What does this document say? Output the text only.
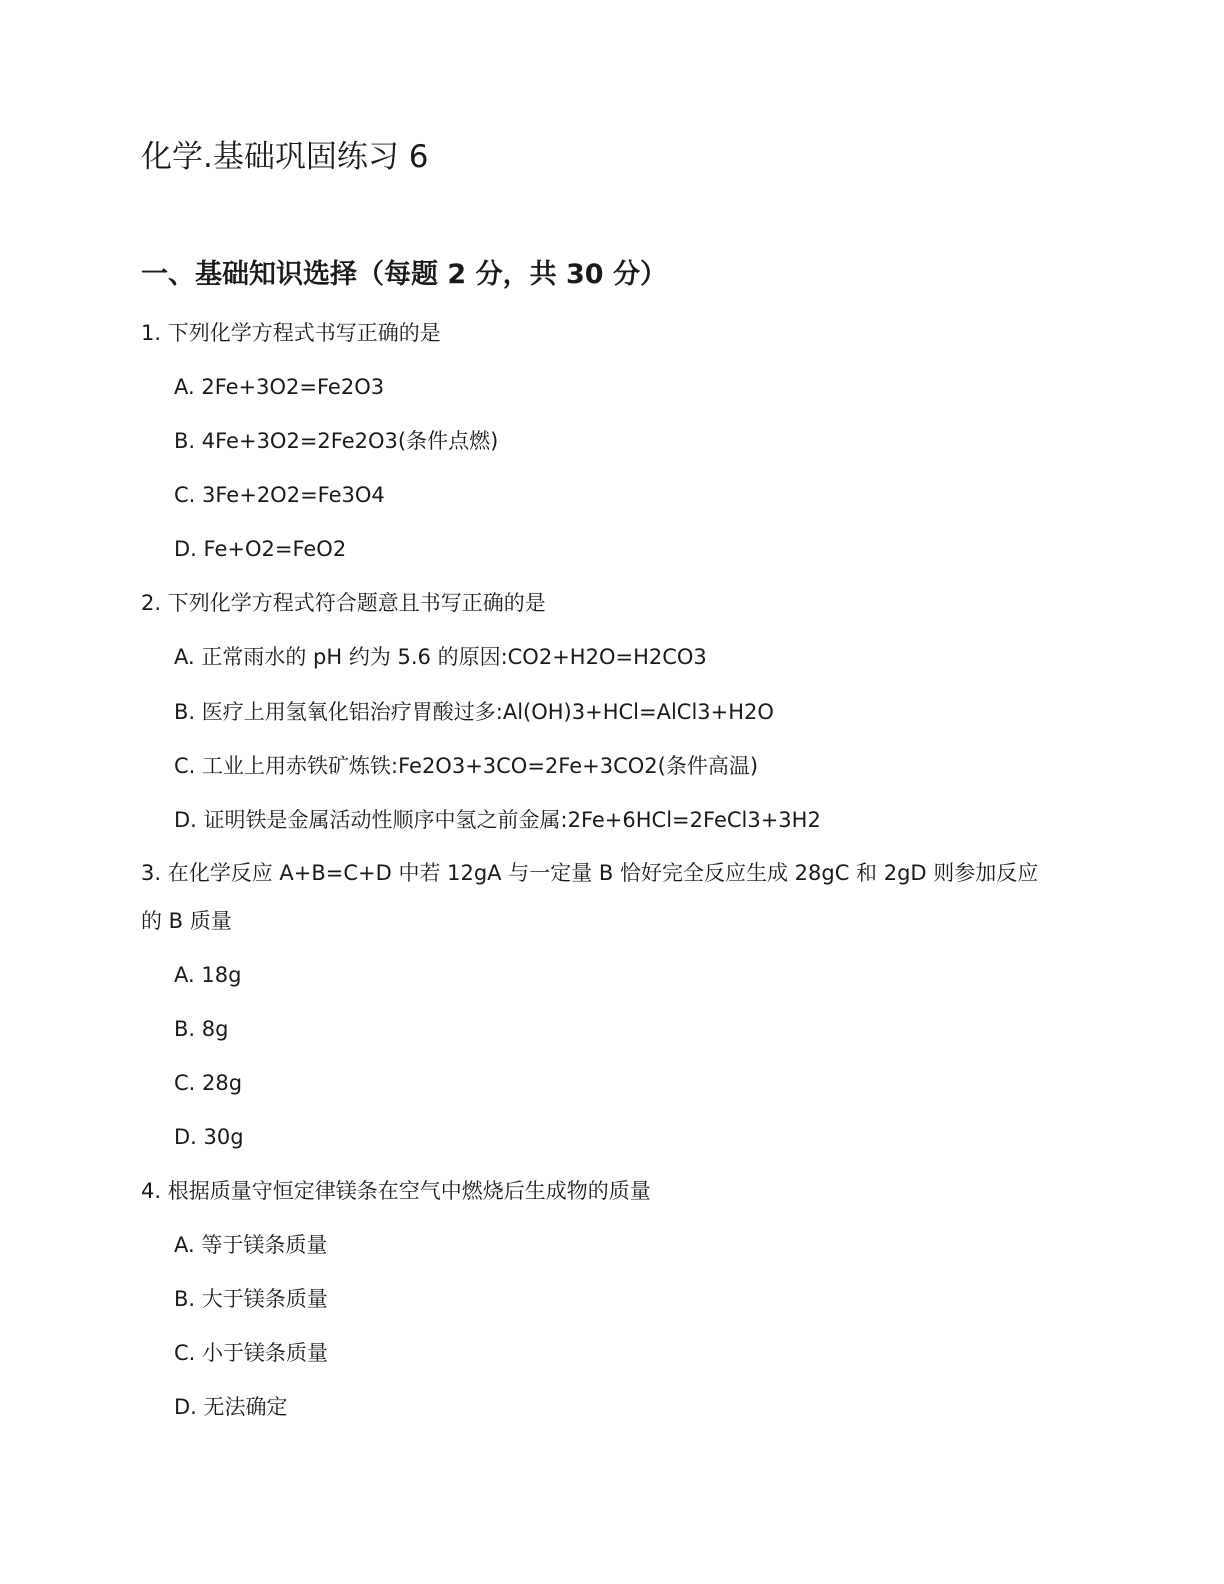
化学.基础巩固练习 6
一、基础知识选择（每题 2 分，共 30 分）

1. 下列化学方程式书写正确的是

A. 2Fe+3O2=Fe2O3

B. 4Fe+3O2=2Fe2O3(条件点燃)

C. 3Fe+2O2=Fe3O4

D. Fe+O2=FeO2

2. 下列化学方程式符合题意且书写正确的是

A. 正常雨水的 pH 约为 5.6 的原因:CO2+H2O=H2CO3

B. 医疗上用氢氧化铝治疗胃酸过多:Al(OH)3+HCl=AlCl3+H2O

C. 工业上用赤铁矿炼铁:Fe2O3+3CO=2Fe+3CO2(条件高温)

D. 证明铁是金属活动性顺序中氢之前金属:2Fe+6HCl=2FeCl3+3H2

3. 在化学反应 A+B=C+D 中若 12gA 与一定量 B 恰好完全反应生成 28gC 和 2gD 则参加反应

的 B 质量

A. 18g

B. 8g

C. 28g

D. 30g

4. 根据质量守恒定律镁条在空气中燃烧后生成物的质量

A. 等于镁条质量

B. 大于镁条质量

C. 小于镁条质量

D. 无法确定
